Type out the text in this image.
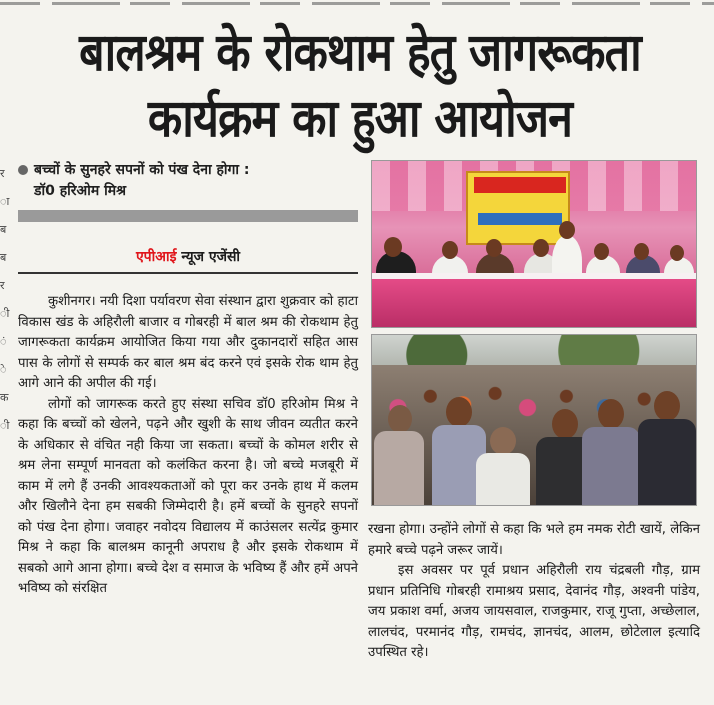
बालश्रम के रोकथाम हेतु जागरूकता
कार्यक्रम का हुआ आयोजन
र
ा
ब
ब
र
ी
ं
े
क
ी
बच्चों के सुनहरे सपनों को पंख देना होगा :
डॉ0 हरिओम मिश्र
एपीआई न्यूज एजेंसी

कुशीनगर। नयी दिशा पर्यावरण सेवा संस्थान द्वारा शुक्रवार को हाटा विकास खंड के अहिरौली बाजार व गोबरही में बाल श्रम की रोकथाम हेतु जागरूकता कार्यक्रम आयोजित किया गया और दुकानदारों सहित आस पास के लोगों से सम्पर्क कर बाल श्रम बंद करने एवं इसके रोक थाम हेतु आगे आने की अपील की गई।

लोगों को जागरूक करते हुए संस्था सचिव डॉ0 हरिओम मिश्र ने कहा कि बच्चों को खेलने, पढ़ने और खुशी के साथ जीवन व्यतीत करने के अधिकार से वंचित नही किया जा सकता। बच्चों के कोमल शरीर से श्रम लेना सम्पूर्ण मानवता को कलंकित करना है। जो बच्चे मजबूरी में काम में लगे हैं उनकी आवश्यकताओं को पूरा कर उनके हाथ में कलम और खिलौने देना हम सबकी जिम्मेदारी है। हमें बच्चों के सुनहरे सपनों को पंख देना होगा। जवाहर नवोदय विद्यालय में काउंसलर सत्येंद्र कुमार मिश्र ने कहा कि बालश्रम कानूनी अपराध है और इसके रोकथाम में सबको आगे आना होगा। बच्चे देश व समाज के भविष्य हैं और हमें अपने भविष्य को संरक्षित

रखना होगा। उन्होंने लोगों से कहा कि भले हम नमक रोटी खायें, लेकिन हमारे बच्चे पढ़ने जरूर जायें।

इस अवसर पर पूर्व प्रधान अहिरौली राय चंद्रबली गौड़, ग्राम प्रधान प्रतिनिधि गोबरही रामाश्रय प्रसाद, देवानंद गौड़, अश्वनी पांडेय, जय प्रकाश वर्मा, अजय जायसवाल, राजकुमार, राजू गुप्ता, अच्छेलाल, लालचंद, परमानंद गौड़, रामचंद, ज्ञानचंद, आलम, छोटेलाल इत्यादि उपस्थित रहे।
